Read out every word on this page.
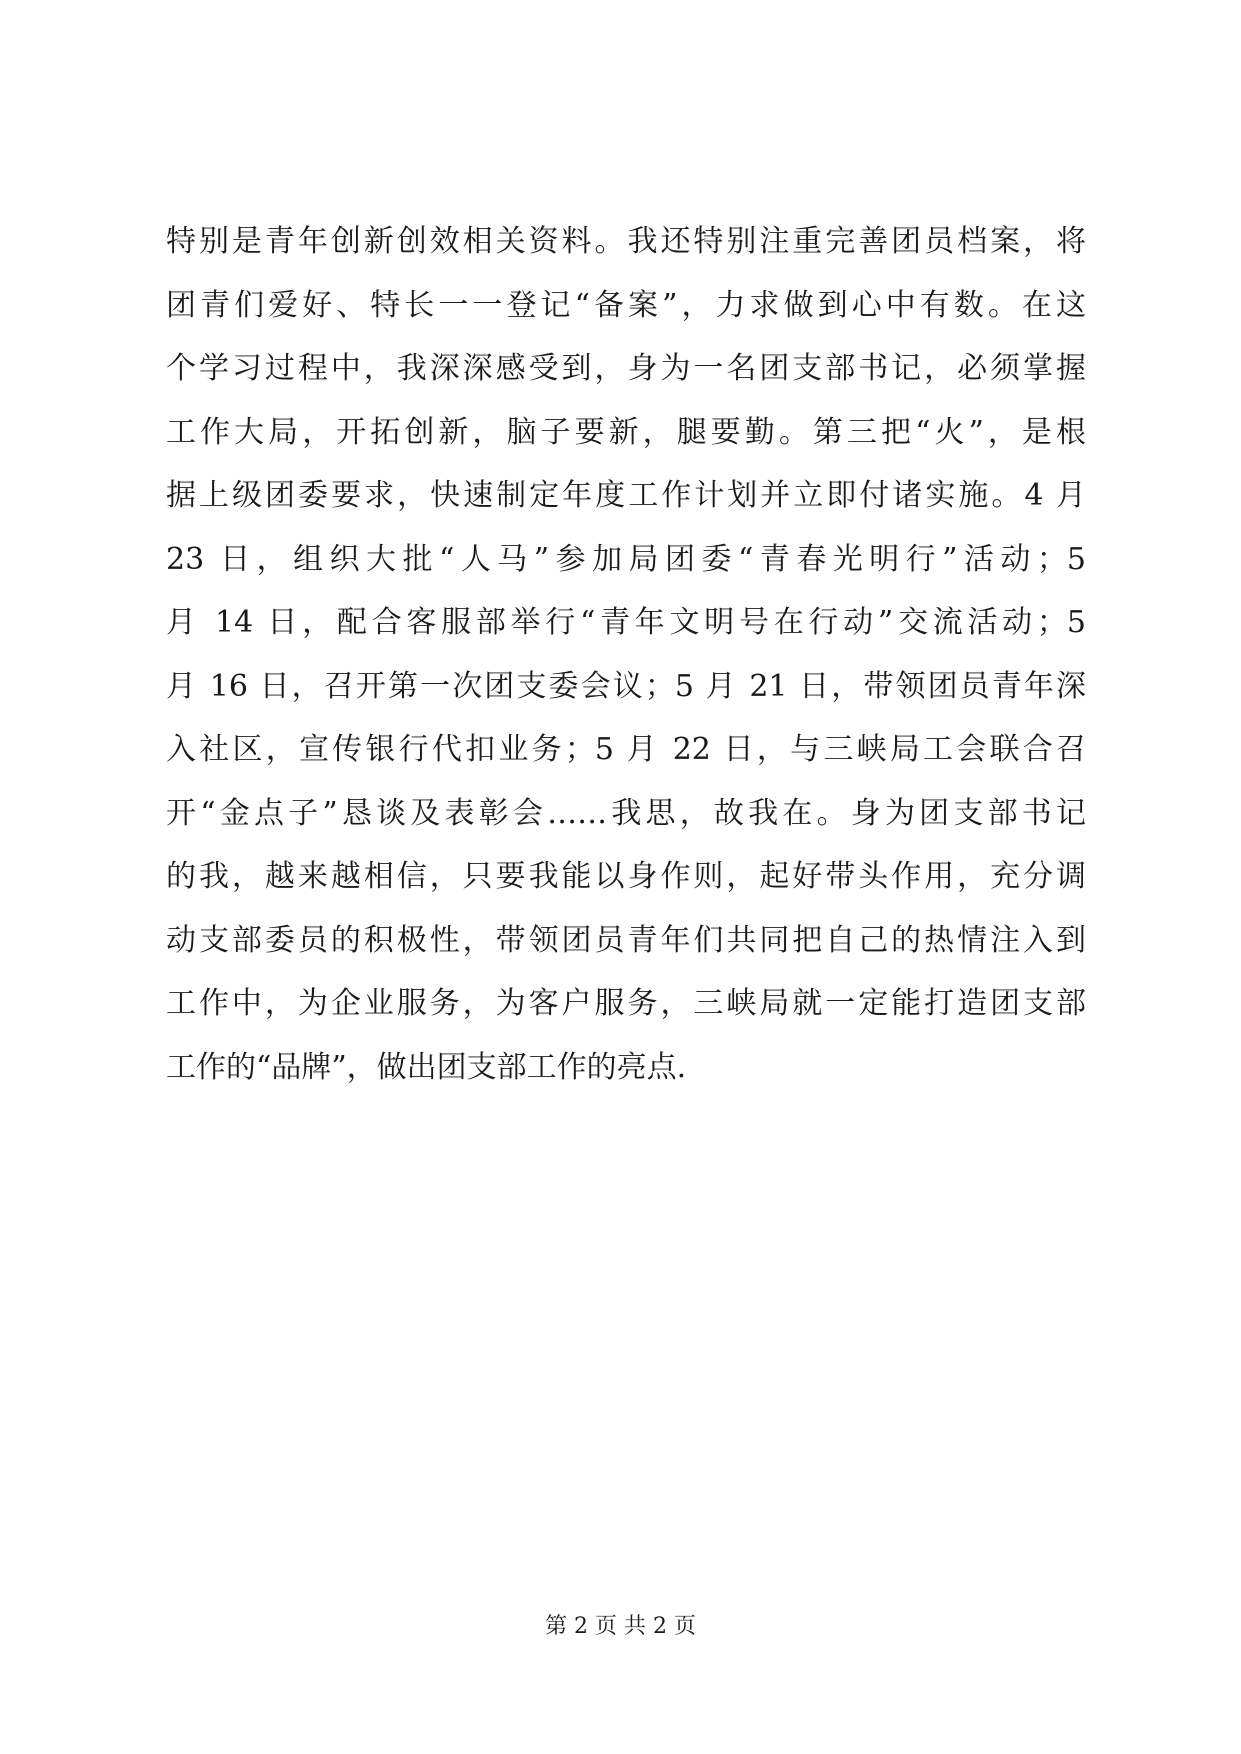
特别是青年创新创效相关资料。我还特别注重完善团员档案，将
团青们爱好、特长一一登记“备案”，力求做到心中有数。在这
个学习过程中，我深深感受到，身为一名团支部书记，必须掌握
工作大局，开拓创新，脑子要新，腿要勤。第三把“火”，是根
据上级团委要求，快速制定年度工作计划并立即付诸实施。4 月
23 日，组织大批“人马”参加局团委“青春光明行”活动；5
月 14 日，配合客服部举行“青年文明号在行动”交流活动；5
月 16 日，召开第一次团支委会议；5 月 21 日，带领团员青年深
入社区，宣传银行代扣业务；5 月 22 日，与三峡局工会联合召
开“金点子”恳谈及表彰会……我思，故我在。身为团支部书记
的我，越来越相信，只要我能以身作则，起好带头作用，充分调
动支部委员的积极性，带领团员青年们共同把自己的热情注入到
工作中，为企业服务，为客户服务，三峡局就一定能打造团支部
工作的“品牌”，做出团支部工作的亮点.
第 2 页 共 2 页
